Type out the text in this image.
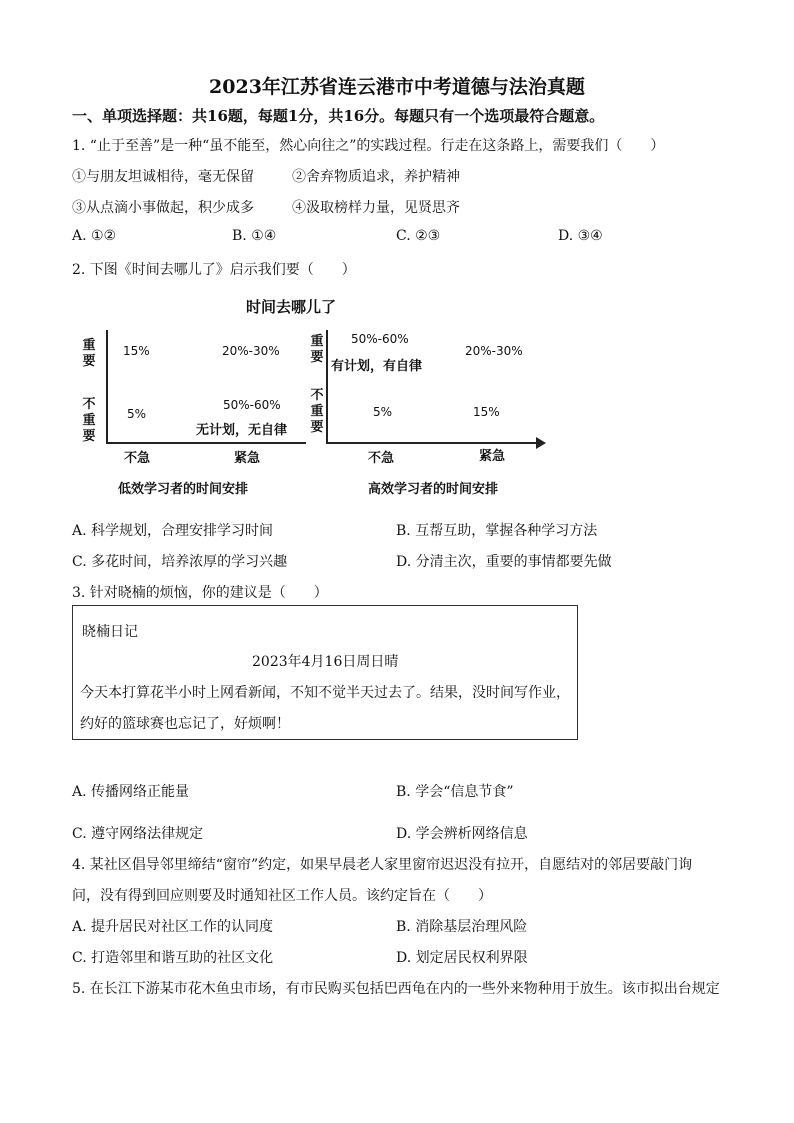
2023年江苏省连云港市中考道德与法治真题
一、单项选择题：共16题，每题1分，共16分。每题只有一个选项最符合题意。
1. “止于至善”是一种“虽不能至，然心向往之”的实践过程。行走在这条路上，需要我们（　　）
①与朋友坦诚相待，毫无保留	②舍弃物质追求，养护精神
③从点滴小事做起，积少成多	④汲取榜样力量，见贤思齐
A. ①②	B. ①④	C. ②③	D. ③④
2. 下图《时间去哪儿了》启示我们要（　　）
时间去哪儿了
重要
不重要
15%	20%-30%
5%
50%-60%
无计划，无自律
不急	紧急
低效学习者的时间安排
重要
不重要
50%-60%
有计划，有自律
20%-30%
5%	15%
不急	紧急
高效学习者的时间安排
A. 科学规划，合理安排学习时间	B. 互帮互助，掌握各种学习方法
C. 多花时间，培养浓厚的学习兴趣	D. 分清主次，重要的事情都要先做
3. 针对晓楠的烦恼，你的建议是（　　）
晓楠日记
2023年4月16日周日晴
今天本打算花半小时上网看新闻，不知不觉半天过去了。结果，没时间写作业，
约好的篮球赛也忘记了，好烦啊！
A. 传播网络正能量	B. 学会“信息节食”
C. 遵守网络法律规定	D. 学会辨析网络信息
4. 某社区倡导邻里缔结“窗帘”约定，如果早晨老人家里窗帘迟迟没有拉开，自愿结对的邻居要敲门询
问，没有得到回应则要及时通知社区工作人员。该约定旨在（　　）
A. 提升居民对社区工作的认同度	B. 消除基层治理风险
C. 打造邻里和谐互助的社区文化	D. 划定居民权利界限
5. 在长江下游某市花木鱼虫市场，有市民购买包括巴西龟在内的一些外来物种用于放生。该市拟出台规定
